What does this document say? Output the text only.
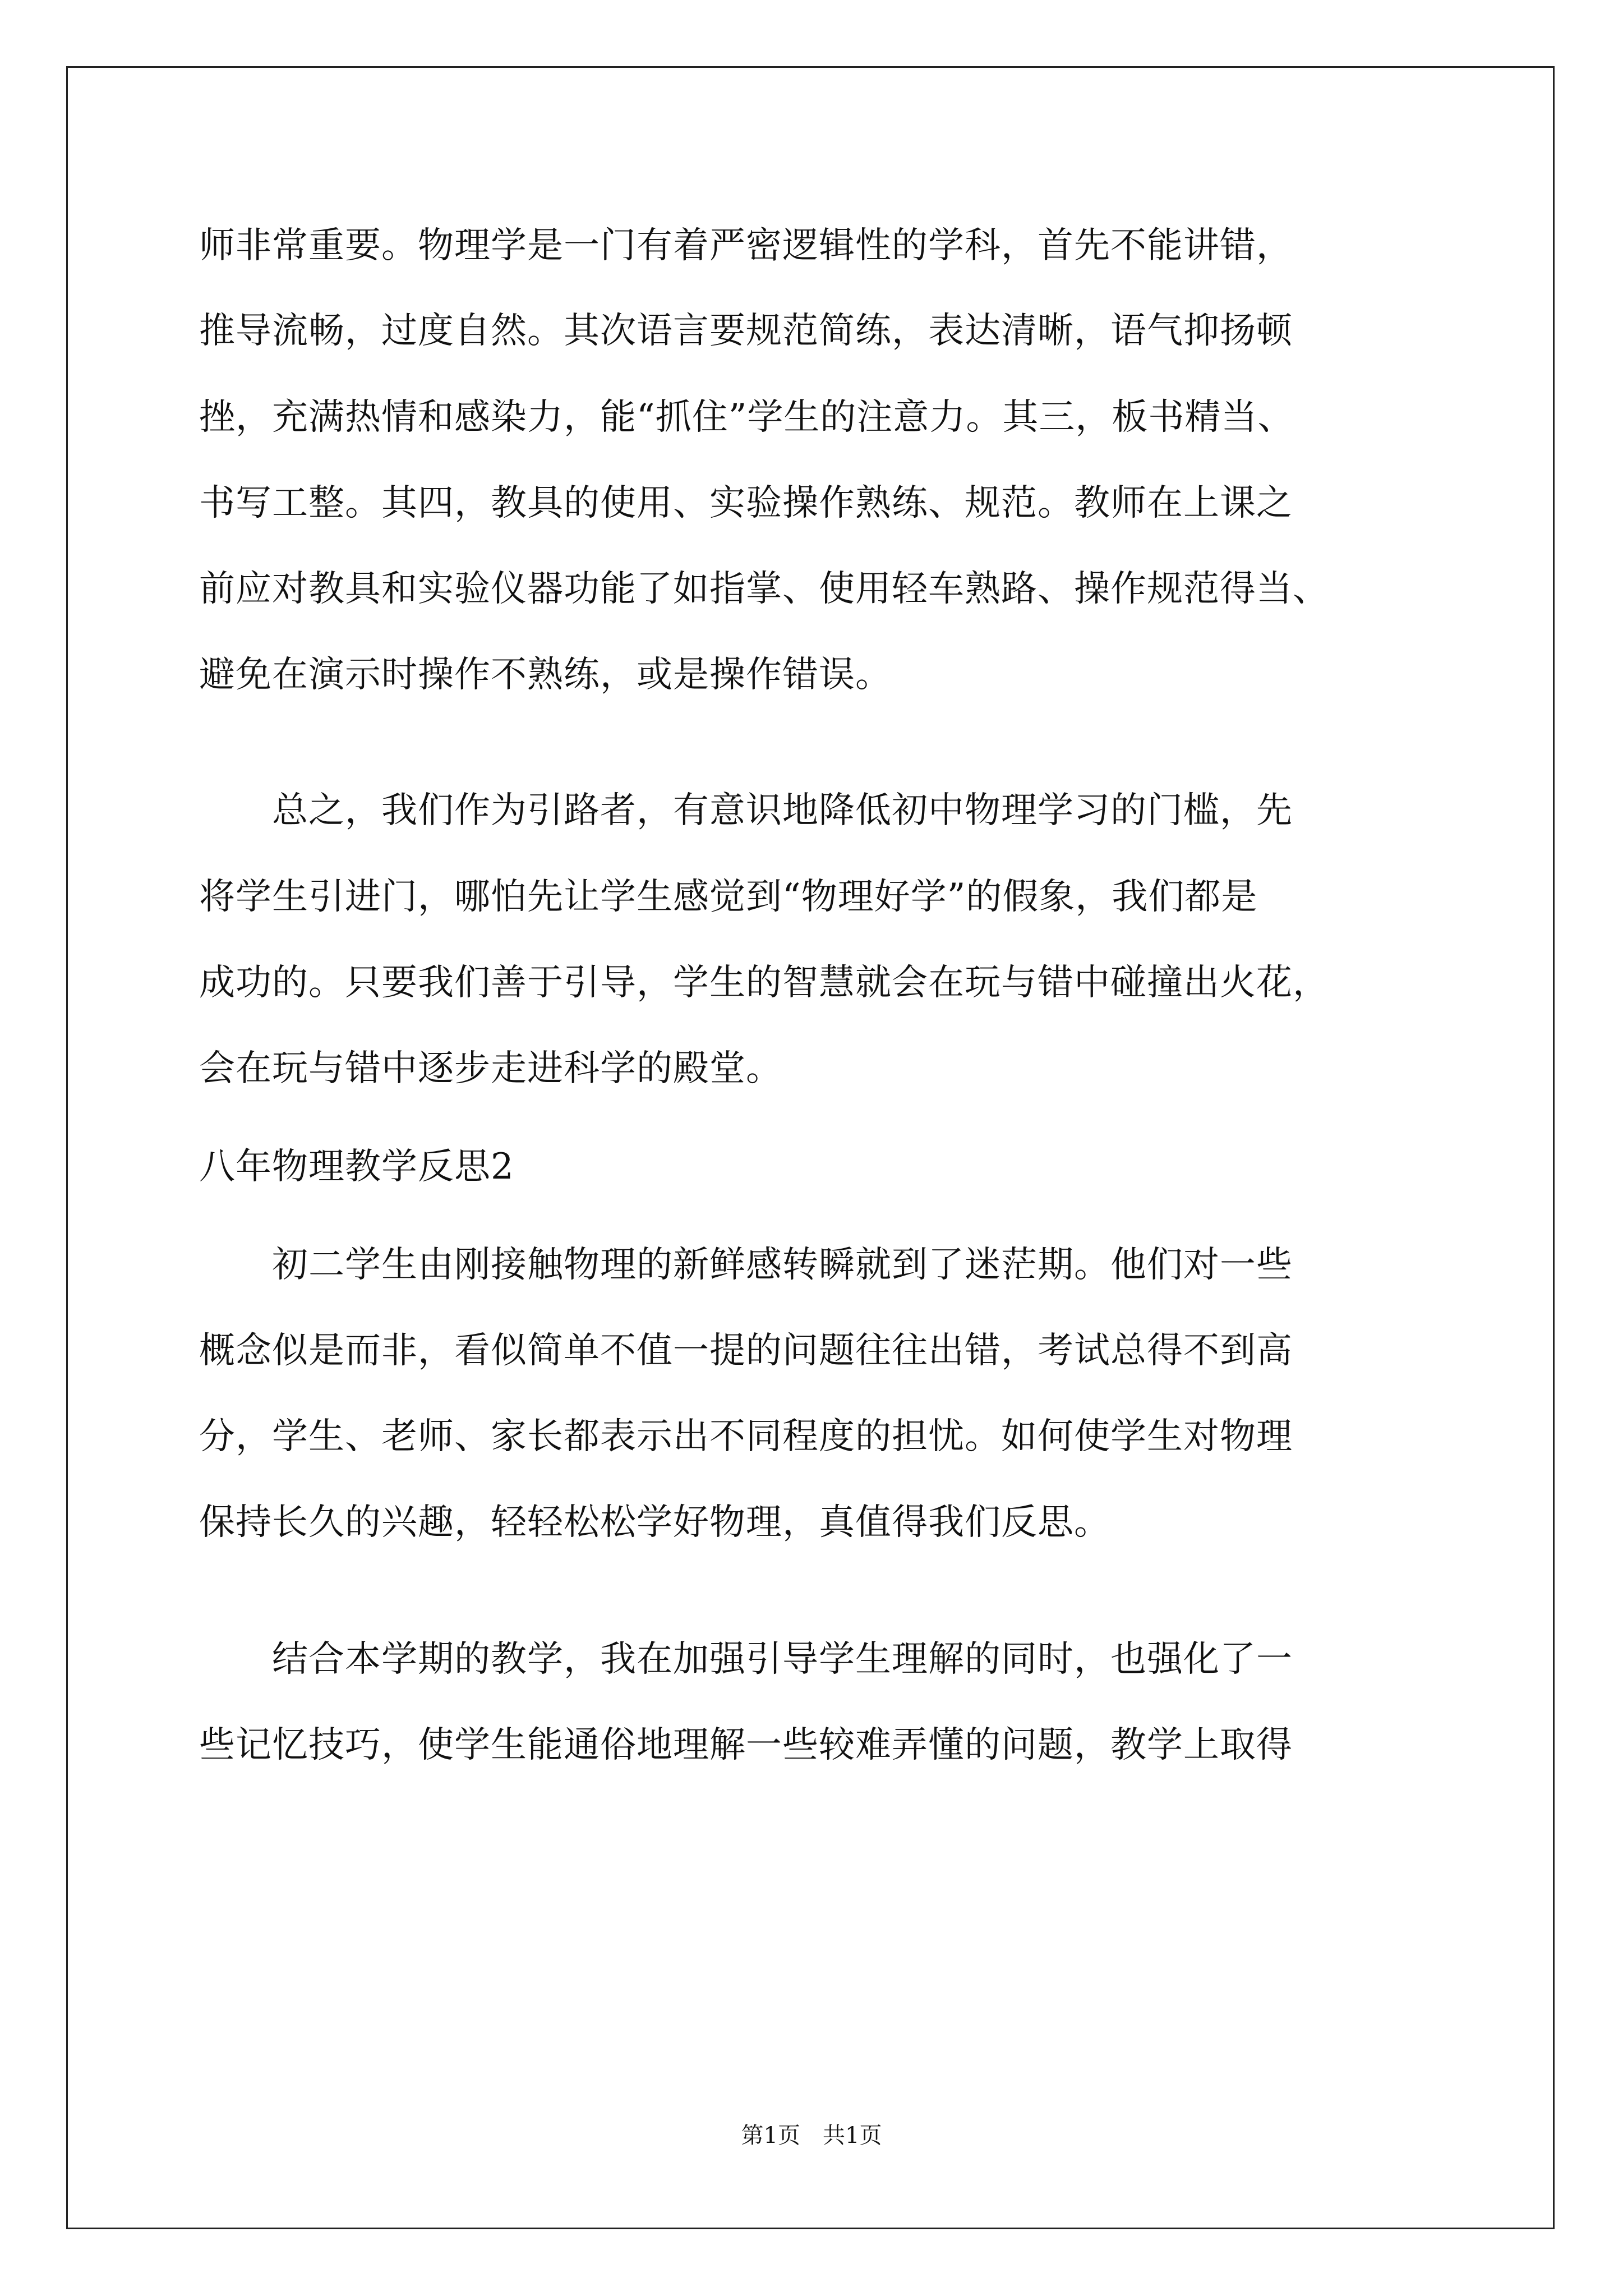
师非常重要。物理学是一门有着严密逻辑性的学科，首先不能讲错，
推导流畅，过度自然。其次语言要规范简练，表达清晰，语气抑扬顿
挫，充满热情和感染力，能“抓住”学生的注意力。其三，板书精当、
书写工整。其四，教具的使用、实验操作熟练、规范。教师在上课之
前应对教具和实验仪器功能了如指掌、使用轻车熟路、操作规范得当、
避免在演示时操作不熟练，或是操作错误。
　　总之，我们作为引路者，有意识地降低初中物理学习的门槛，先
将学生引进门，哪怕先让学生感觉到“物理好学”的假象，我们都是
成功的。只要我们善于引导，学生的智慧就会在玩与错中碰撞出火花，
会在玩与错中逐步走进科学的殿堂。
八年物理教学反思2
　　初二学生由刚接触物理的新鲜感转瞬就到了迷茫期。他们对一些
概念似是而非，看似简单不值一提的问题往往出错，考试总得不到高
分，学生、老师、家长都表示出不同程度的担忧。如何使学生对物理
保持长久的兴趣，轻轻松松学好物理，真值得我们反思。
　　结合本学期的教学，我在加强引导学生理解的同时，也强化了一
些记忆技巧，使学生能通俗地理解一些较难弄懂的问题，教学上取得
第1页　共1页
